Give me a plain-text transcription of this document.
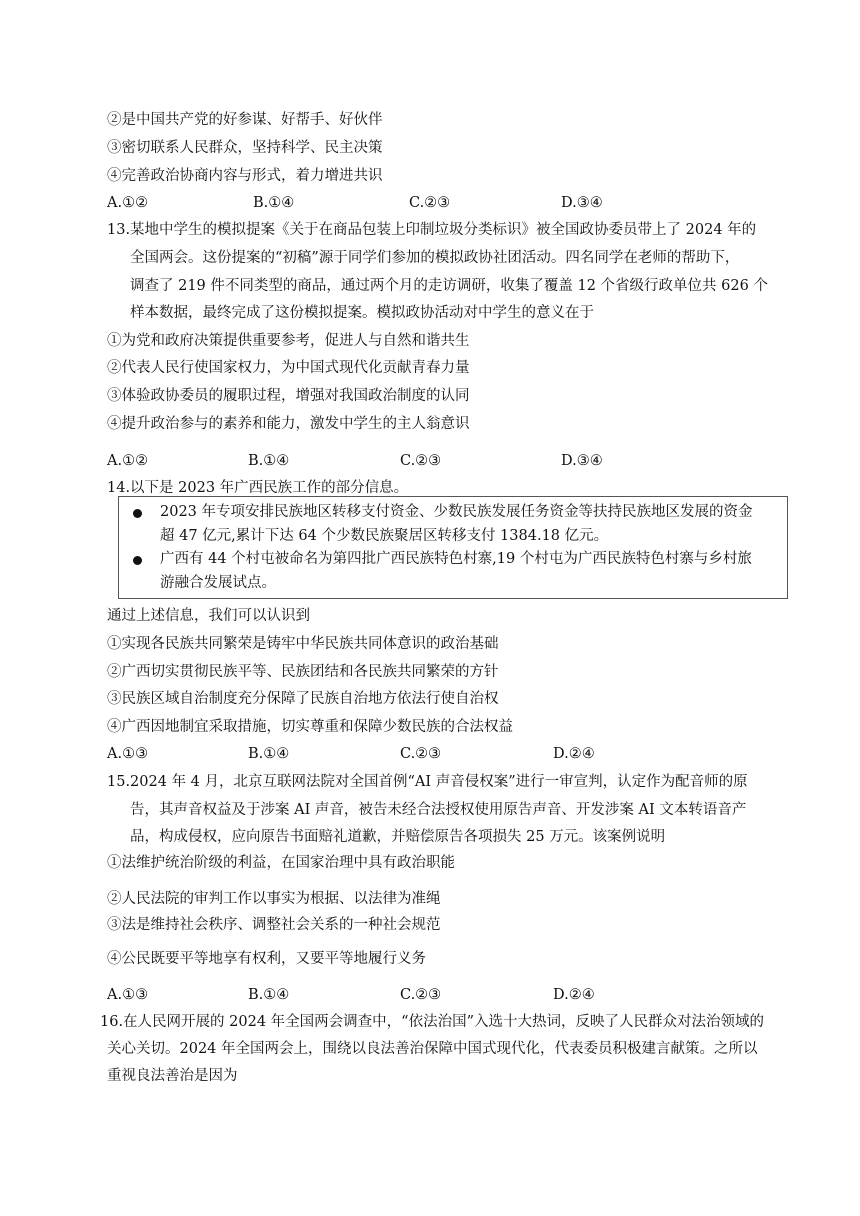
②是中国共产党的好参谋、好帮手、好伙伴
③密切联系人民群众，坚持科学、民主决策
④完善政治协商内容与形式，着力增进共识
A.①②	B.①④	C.②③	D.③④
13.某地中学生的模拟提案《关于在商品包装上印制垃圾分类标识》被全国政协委员带上了 2024 年的
全国两会。这份提案的“初稿”源于同学们参加的模拟政协社团活动。四名同学在老师的帮助下，
调查了 219 件不同类型的商品，通过两个月的走访调研，收集了覆盖 12 个省级行政单位共 626 个
样本数据，最终完成了这份模拟提案。模拟政协活动对中学生的意义在于
①为党和政府决策提供重要参考，促进人与自然和谐共生
②代表人民行使国家权力，为中国式现代化贡献青春力量
③体验政协委员的履职过程，增强对我国政治制度的认同
④提升政治参与的素养和能力，激发中学生的主人翁意识
A.①②	B.①④	C.②③	D.③④
14.以下是 2023 年广西民族工作的部分信息。
2023 年专项安排民族地区转移支付资金、少数民族发展任务资金等扶持民族地区发展的资金
超 47 亿元,累计下达 64 个少数民族聚居区转移支付 1384.18 亿元。
广西有 44 个村屯被命名为第四批广西民族特色村寨,19 个村屯为广西民族特色村寨与乡村旅
游融合发展试点。
通过上述信息，我们可以认识到
①实现各民族共同繁荣是铸牢中华民族共同体意识的政治基础
②广西切实贯彻民族平等、民族团结和各民族共同繁荣的方针
③民族区域自治制度充分保障了民族自治地方依法行使自治权
④广西因地制宜采取措施，切实尊重和保障少数民族的合法权益
A.①③	B.①④	C.②③	D.②④
15.2024 年 4 月，北京互联网法院对全国首例“AI 声音侵权案”进行一审宣判，认定作为配音师的原
告，其声音权益及于涉案 AI 声音，被告未经合法授权使用原告声音、开发涉案 AI 文本转语音产
品，构成侵权，应向原告书面赔礼道歉，并赔偿原告各项损失 25 万元。该案例说明
①法维护统治阶级的利益，在国家治理中具有政治职能
②人民法院的审判工作以事实为根据、以法律为准绳
③法是维持社会秩序、调整社会关系的一种社会规范
④公民既要平等地享有权利，又要平等地履行义务
A.①③	B.①④	C.②③	D.②④
16.在人民网开展的 2024 年全国两会调查中，“依法治国”入选十大热词，反映了人民群众对法治领域的
关心关切。2024 年全国两会上，围绕以良法善治保障中国式现代化，代表委员积极建言献策。之所以
重视良法善治是因为
